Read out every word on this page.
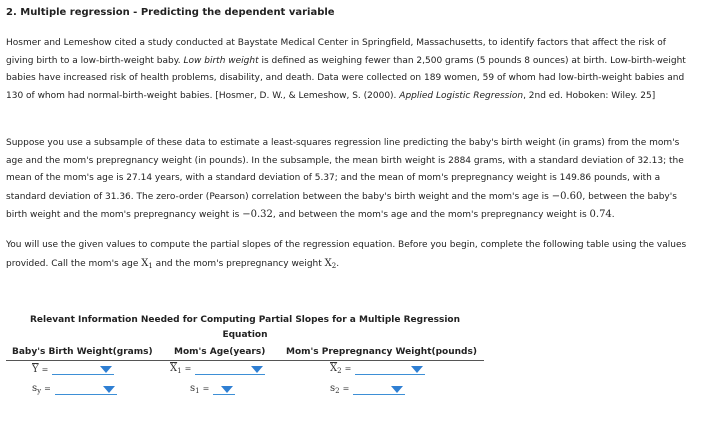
2. Multiple regression - Predicting the dependent variable
Hosmer and Lemeshow cited a study conducted at Baystate Medical Center in Springfield, Massachusetts, to identify factors that affect the risk of giving birth to a low-birth-weight baby. Low birth weight is defined as weighing fewer than 2,500 grams (5 pounds 8 ounces) at birth. Low-birth-weight babies have increased risk of health problems, disability, and death. Data were collected on 189 women, 59 of whom had low-birth-weight babies and 130 of whom had normal-birth-weight babies. [Hosmer, D. W., & Lemeshow, S. (2000). Applied Logistic Regression, 2nd ed. Hoboken: Wiley. 25]
Suppose you use a subsample of these data to estimate a least-squares regression line predicting the baby's birth weight (in grams) from the mom's age and the mom's prepregnancy weight (in pounds). In the subsample, the mean birth weight is 2884 grams, with a standard deviation of 32.13; the mean of the mom's age is 27.14 years, with a standard deviation of 5.37; and the mean of mom's prepregnancy weight is 149.86 pounds, with a standard deviation of 31.36. The zero-order (Pearson) correlation between the baby's birth weight and the mom's age is −0.60, between the baby's birth weight and the mom's prepregnancy weight is −0.32, and between the mom's age and the mom's prepregnancy weight is 0.74.
You will use the given values to compute the partial slopes of the regression equation. Before you begin, complete the following table using the values provided. Call the mom's age $X_1$ and the mom's prepregnancy weight $X_2$.
Relevant Information Needed for Computing Partial Slopes for a Multiple Regression
Equation
Baby's Birth Weight(grams) Mom's Age(years) Mom's Prepregnancy Weight(pounds)
$\overline{Y}$ =	$\overline{X}_1$ =	$\overline{X}_2$ =
$s_y$ =	$s_1$ =	$s_2$ =
